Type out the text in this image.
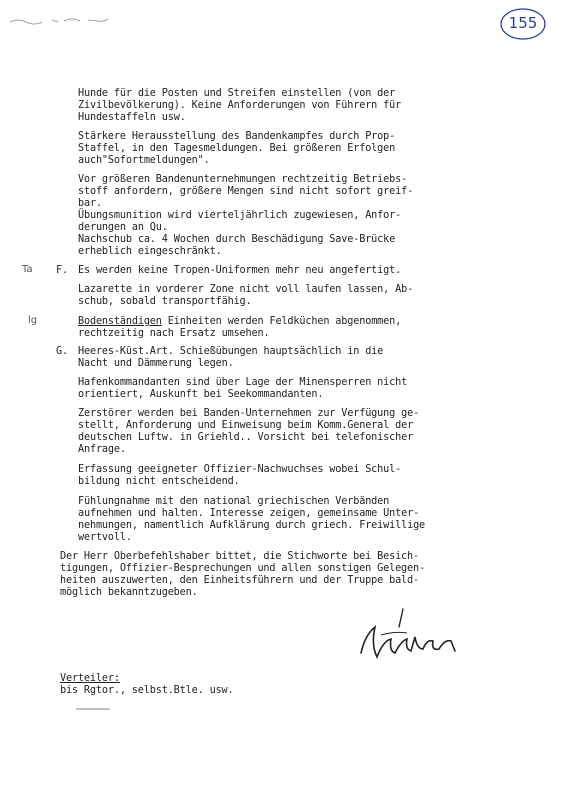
155
Hunde für die Posten und Streifen einstellen (von der
Zivilbevölkerung). Keine Anforderungen von Führern für
Hundestaffeln usw.
Stärkere Herausstellung des Bandenkampfes durch Prop-
Staffel, in den Tagesmeldungen. Bei größeren Erfolgen
auch"Sofortmeldungen".
Vor größeren Bandenunternehmungen rechtzeitig Betriebs-
stoff anfordern, größere Mengen sind nicht sofort greif-
bar.
Übungsmunition wird vierteljährlich zugewiesen, Anfor-
derungen an Qu.
Nachschub ca. 4 Wochen durch Beschädigung Save-Brücke
erheblich eingeschränkt.
Ta F. Es werden keine Tropen-Uniformen mehr neu angefertigt.
Lazarette in vorderer Zone nicht voll laufen lassen, Ab-
schub, sobald transportfähig.
lg	Bodenständigen Einheiten werden Feldküchen abgenommen,
rechtzeitig nach Ersatz umsehen.
G. Heeres-Küst.Art. Schießübungen hauptsächlich in die
Nacht und Dämmerung legen.
Hafenkommandanten sind über Lage der Minensperren nicht
orientiert, Auskunft bei Seekommandanten.
Zerstörer werden bei Banden-Unternehmen zur Verfügung ge-
stellt, Anforderung und Einweisung beim Komm.General der
deutschen Luftw. in Griehld.. Vorsicht bei telefonischer
Anfrage.
Erfassung geeigneter Offizier-Nachwuchses wobei Schul-
bildung nicht entscheidend.
Fühlungnahme mit den national griechischen Verbänden
aufnehmen und halten. Interesse zeigen, gemeinsame Unter-
nehmungen, namentlich Aufklärung durch griech. Freiwillige
wertvoll.
Der Herr Oberbefehlshaber bittet, die Stichworte bei Besich-
tigungen, Offizier-Besprechungen und allen sonstigen Gelegen-
heiten auszuwerten, den Einheitsführern und der Truppe bald-
möglich bekanntzugeben.
Verteiler:
bis Rgtor., selbst.Btle. usw.
